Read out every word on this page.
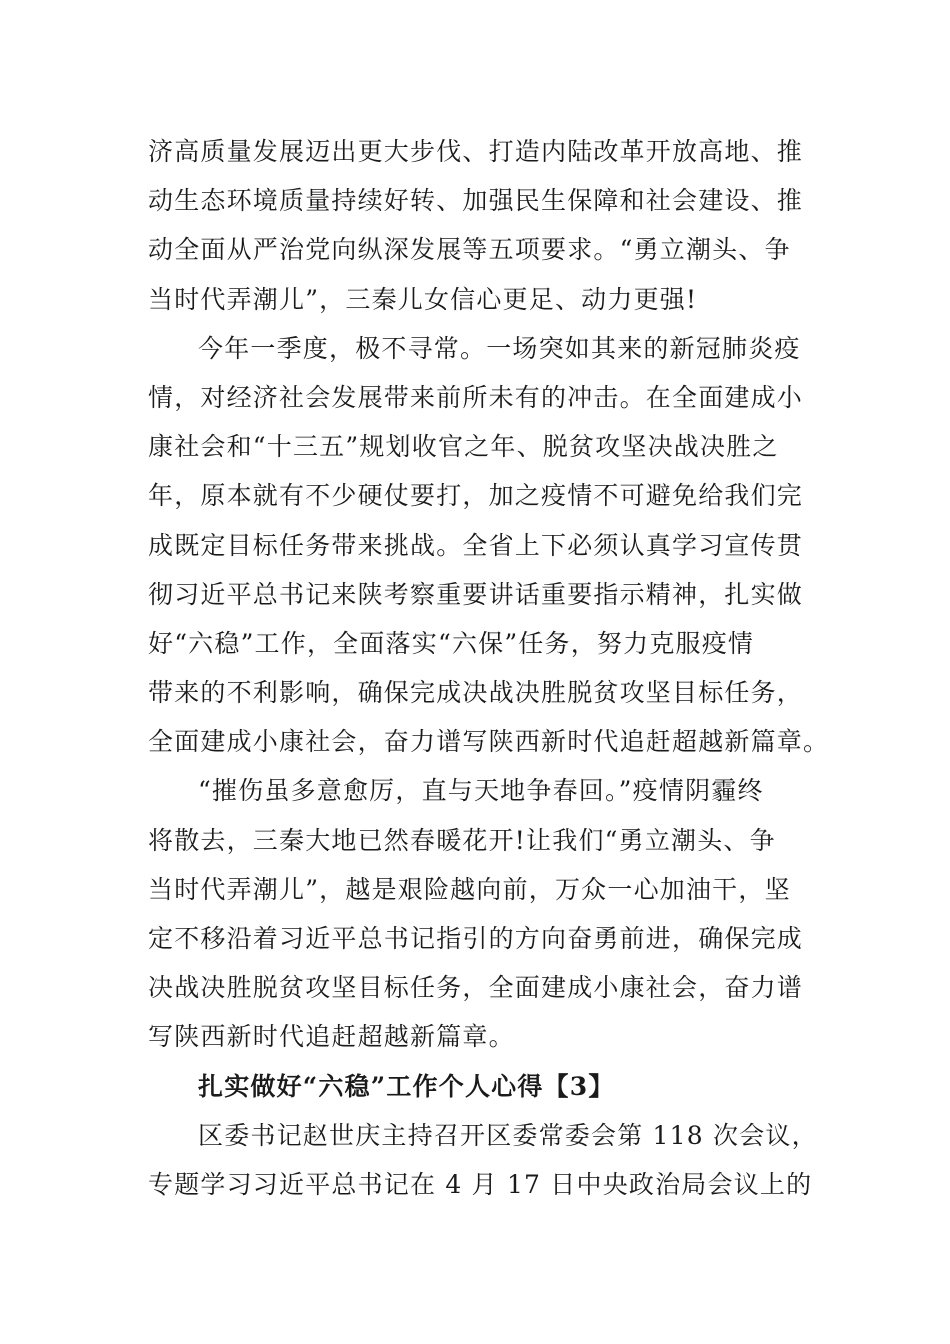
济高质量发展迈出更大步伐、打造内陆改革开放高地、推
动生态环境质量持续好转、加强民生保障和社会建设、推
动全面从严治党向纵深发展等五项要求。“勇立潮头、争
当时代弄潮儿”，三秦儿女信心更足、动力更强!
今年一季度，极不寻常。一场突如其来的新冠肺炎疫
情，对经济社会发展带来前所未有的冲击。在全面建成小
康社会和“十三五”规划收官之年、脱贫攻坚决战决胜之
年，原本就有不少硬仗要打，加之疫情不可避免给我们完
成既定目标任务带来挑战。全省上下必须认真学习宣传贯
彻习近平总书记来陕考察重要讲话重要指示精神，扎实做
好“六稳”工作，全面落实“六保”任务，努力克服疫情
带来的不利影响，确保完成决战决胜脱贫攻坚目标任务，
全面建成小康社会，奋力谱写陕西新时代追赶超越新篇章。
“摧伤虽多意愈厉，直与天地争春回。”疫情阴霾终
将散去，三秦大地已然春暖花开!让我们“勇立潮头、争
当时代弄潮儿”，越是艰险越向前，万众一心加油干，坚
定不移沿着习近平总书记指引的方向奋勇前进，确保完成
决战决胜脱贫攻坚目标任务，全面建成小康社会，奋力谱
写陕西新时代追赶超越新篇章。
扎实做好“六稳”工作个人心得【3】
区委书记赵世庆主持召开区委常委会第 118 次会议，
专题学习习近平总书记在 4 月 17 日中央政治局会议上的
